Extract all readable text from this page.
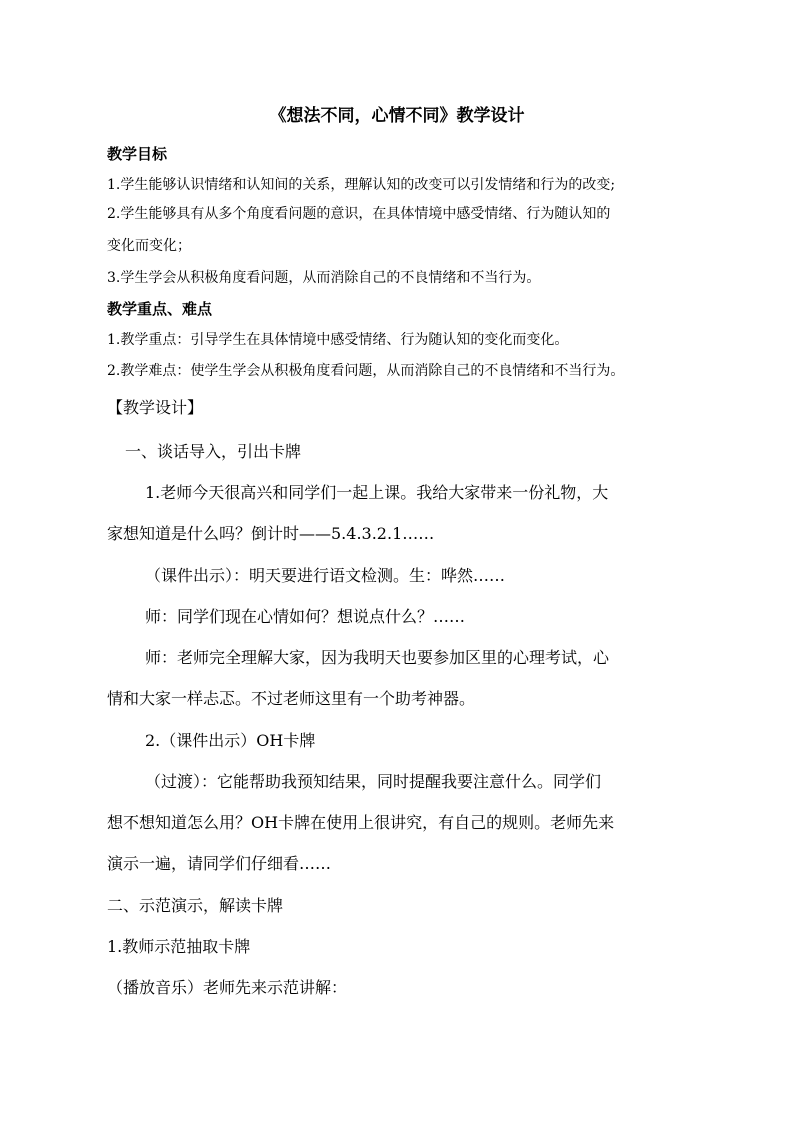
《想法不同，心情不同》教学设计
教学目标
1.学生能够认识情绪和认知间的关系，理解认知的改变可以引发情绪和行为的改变;
2.学生能够具有从多个角度看问题的意识，在具体情境中感受情绪、行为随认知的
变化而变化；
3.学生学会从积极角度看问题，从而消除自己的不良情绪和不当行为。
教学重点、难点
1.教学重点：引导学生在具体情境中感受情绪、行为随认知的变化而变化。
2.教学难点：使学生学会从积极角度看问题，从而消除自己的不良情绪和不当行为。
【教学设计】
一、谈话导入，引出卡牌
1.老师今天很高兴和同学们一起上课。我给大家带来一份礼物，大
家想知道是什么吗？倒计时——5.4.3.2.1……
（课件出示）：明天要进行语文检测。生：哗然……
师：同学们现在心情如何？想说点什么？……
师：老师完全理解大家，因为我明天也要参加区里的心理考试，心
情和大家一样忐忑。不过老师这里有一个助考神器。
2.（课件出示）OH卡牌
（过渡）：它能帮助我预知结果，同时提醒我要注意什么。同学们
想不想知道怎么用？OH卡牌在使用上很讲究，有自己的规则。老师先来
演示一遍，请同学们仔细看……
二、示范演示，解读卡牌
1.教师示范抽取卡牌
（播放音乐）老师先来示范讲解：
